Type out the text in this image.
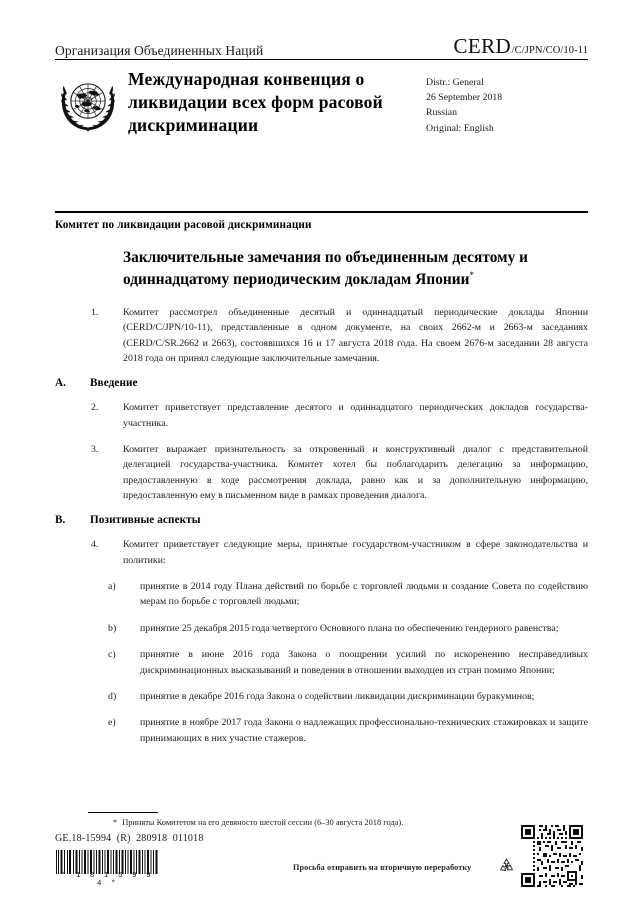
Организация Объединенных Наций	CERD /C/JPN/CO/10-11
Международная конвенция о ликвидации всех форм расовой дискриминации
Distr.: General
26 September 2018
Russian
Original: English
Комитет по ликвидации расовой дискриминации
Заключительные замечания по объединенным десятому и одиннадцатому периодическим докладам Японии*

1. Комитет рассмотрел объединенные десятый и одиннадцатый периодические доклады Японии (CERD/C/JPN/10-11), представленные в одном документе, на своих 2662-м и 2663-м заседаниях (CERD/C/SR.2662 и 2663), состоявшихся 16 и 17 августа 2018 года. На своем 2676-м заседании 28 августа 2018 года он принял следующие заключительные замечания.

A. Введение

2. Комитет приветствует представление десятого и одиннадцатого периодических докладов государства-участника.

3. Комитет выражает признательность за откровенный и конструктивный диалог с представительной делегацией государства-участника. Комитет хотел бы поблагодарить делегацию за информацию, предоставленную в ходе рассмотрения доклада, равно как и за дополнительную информацию, предоставленную ему в письменном виде в рамках проведения диалога.

B. Позитивные аспекты

4. Комитет приветствует следующие меры, принятые государством-участником в сфере законодательства и политики:

a) принятие в 2014 году Плана действий по борьбе с торговлей людьми и создание Совета по содействию мерам по борьбе с торговлей людьми;

b) принятие 25 декабря 2015 года четвертого Основного плана по обеспечению гендерного равенства;

c) принятие в июне 2016 года Закона о поощрении усилий по искоренению несправедливых дискриминационных высказываний и поведения в отношении выходцев из стран помимо Японии;

d) принятие в декабре 2016 года Закона о содействии ликвидации дискриминации буракуминов;

e) принятие в ноябре 2017 года Закона о надлежащих профессионально-технических стажировках и защите принимающих в них участие стажеров.

* Приняты Комитетом на его девяносто шестой сессии (6–30 августа 2018 года).
GE.18-15994  (R)  280918  011018
* 1 8 1 5 9 9 4 *
Просьба отправить на вторичную переработку
